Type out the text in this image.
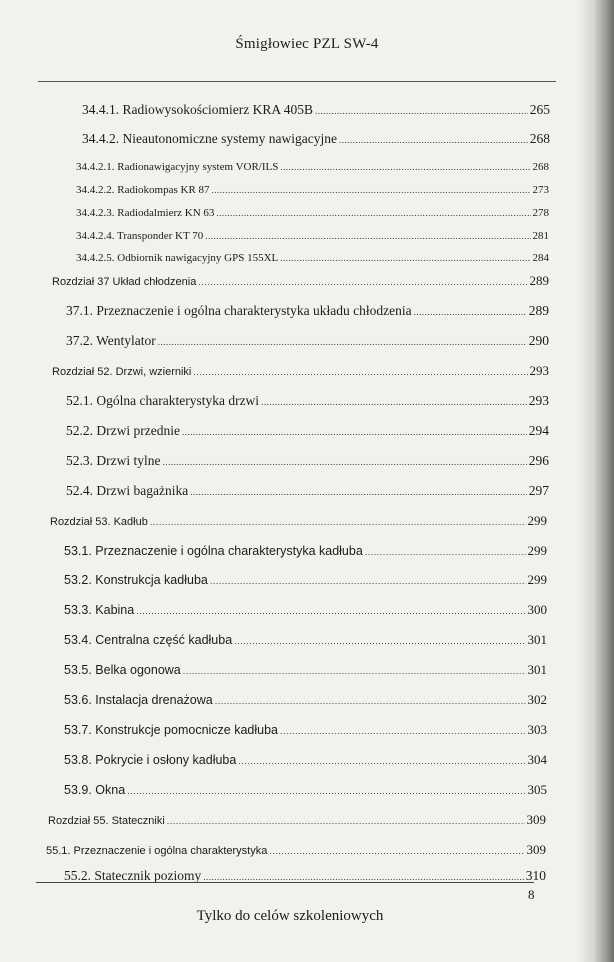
Śmigłowiec PZL SW-4
34.4.1. Radiowysokościomierz KRA 405B .....	265
34.4.2. Nieautonomiczne systemy nawigacyjne .....	268
34.4.2.1. Radionawigacyjny system VOR/ILS .....	268
34.4.2.2. Radiokompas KR 87 .....	273
34.4.2.3. Radiodalmierz KN 63 .....	278
34.4.2.4. Transponder KT 70 .....	281
34.4.2.5. Odbiornik nawigacyjny GPS 155XL .....	284
Rozdział 37 Układ chłodzenia .....	289
37.1. Przeznaczenie i ogólna charakterystyka układu chłodzenia .....	289
37.2. Wentylator .....	290
Rozdział 52. Drzwi, wzierniki .....	293
52.1. Ogólna charakterystyka drzwi .....	293
52.2. Drzwi przednie .....	294
52.3. Drzwi tylne .....	296
52.4. Drzwi bagażnika .....	297
Rozdział 53. Kadłub .....	299
53.1. Przeznaczenie i ogólna charakterystyka kadłuba .....	299
53.2. Konstrukcja kadłuba .....	299
53.3. Kabina .....	300
53.4. Centralna część kadłuba .....	301
53.5. Belka ogonowa .....	301
53.6. Instalacja drenażowa .....	302
53.7. Konstrukcje pomocnicze kadłuba .....	303
53.8. Pokrycie i osłony kadłuba .....	304
53.9. Okna .....	305
Rozdział 55. Stateczniki .....	309
55.1. Przeznaczenie i ogólna charakterystyka .....	309
55.2. Statecznik poziomy .....	310
8
Tylko do celów szkoleniowych
